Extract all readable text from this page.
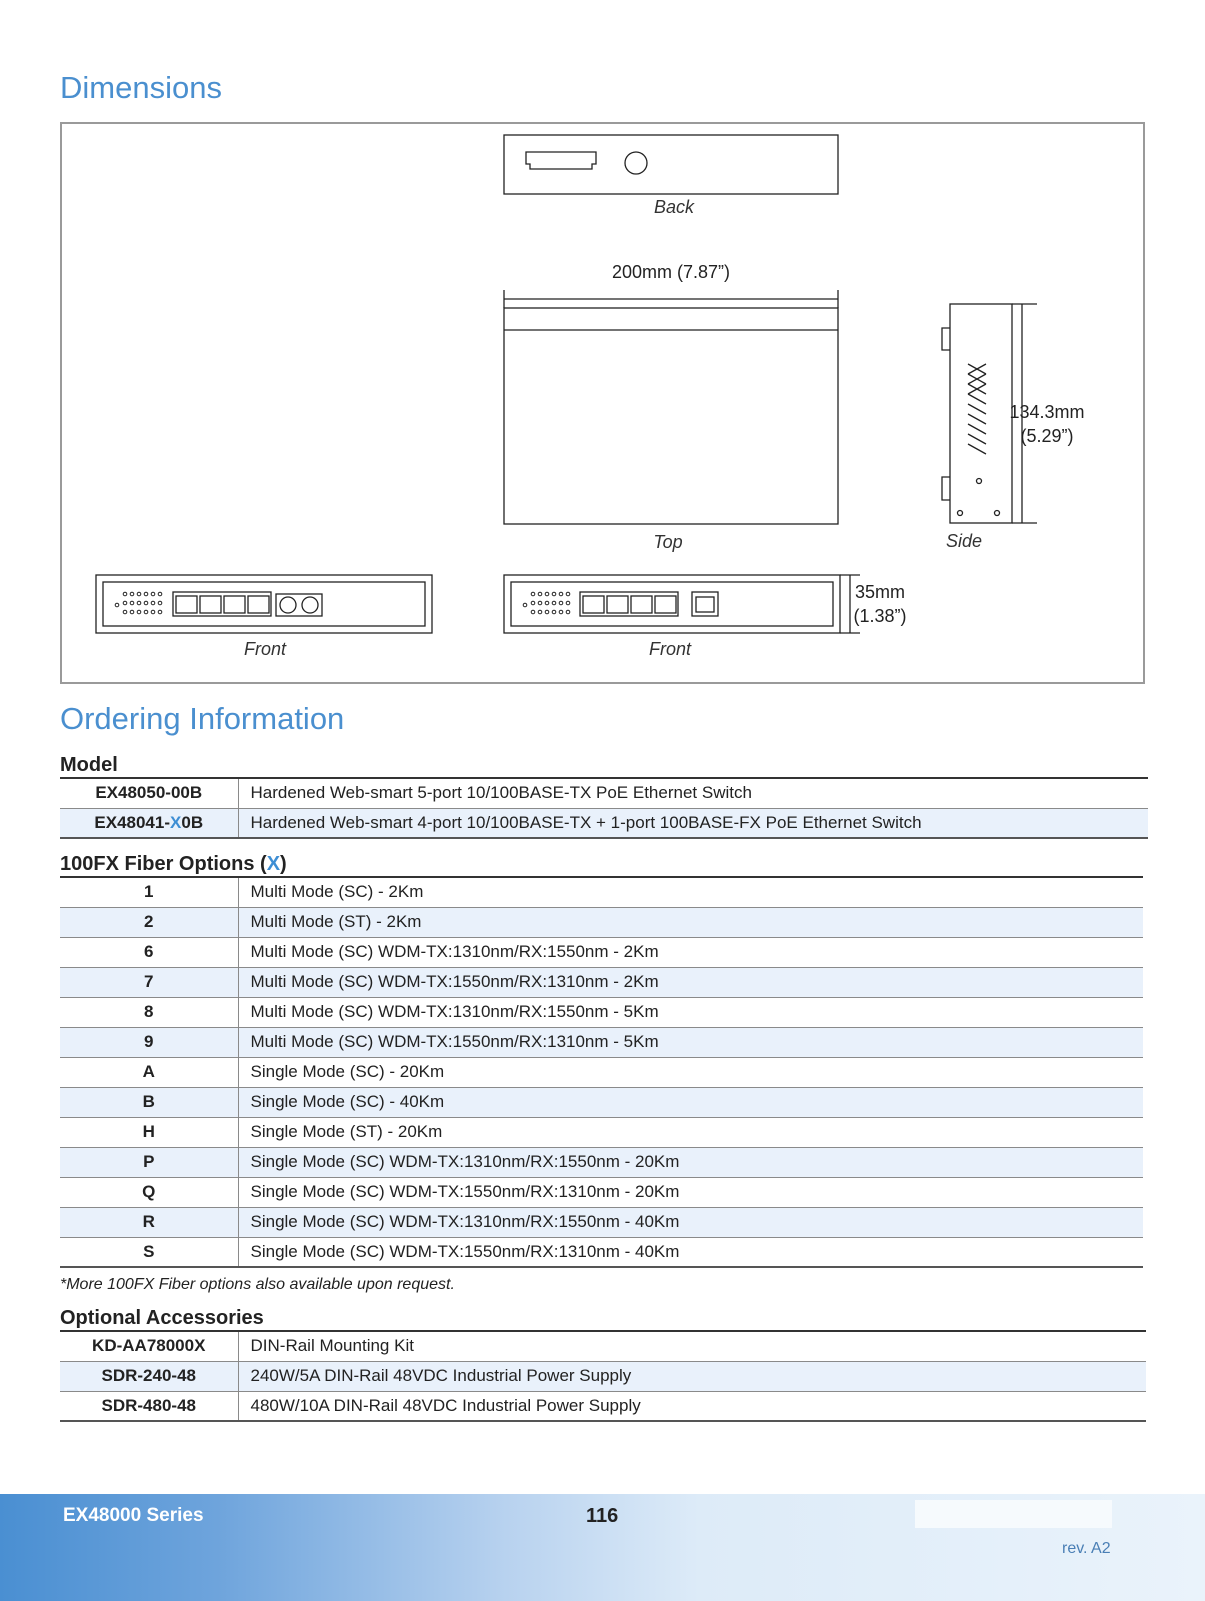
Dimensions
Back
200mm (7.87”)
Top
134.3mm
(5.29”)
Side
35mm
(1.38”)
Front	Front
Ordering Information
Model
EX48050-00B	Hardened Web-smart 5-port 10/100BASE-TX PoE Ethernet Switch
EX48041-X0B	Hardened Web-smart 4-port 10/100BASE-TX + 1-port 100BASE-FX PoE Ethernet Switch
100FX Fiber Options (X)
1	Multi Mode (SC) - 2Km
2	Multi Mode (ST) - 2Km
6	Multi Mode (SC) WDM-TX:1310nm/RX:1550nm - 2Km
7	Multi Mode (SC) WDM-TX:1550nm/RX:1310nm - 2Km
8	Multi Mode (SC) WDM-TX:1310nm/RX:1550nm - 5Km
9	Multi Mode (SC) WDM-TX:1550nm/RX:1310nm - 5Km
A	Single Mode (SC) - 20Km
B	Single Mode (SC) - 40Km
H	Single Mode (ST) - 20Km
P	Single Mode (SC) WDM-TX:1310nm/RX:1550nm - 20Km
Q	Single Mode (SC) WDM-TX:1550nm/RX:1310nm - 20Km
R	Single Mode (SC) WDM-TX:1310nm/RX:1550nm - 40Km
S	Single Mode (SC) WDM-TX:1550nm/RX:1310nm - 40Km
*More 100FX Fiber options also available upon request.
Optional Accessories
KD-AA78000X	DIN-Rail Mounting Kit
SDR-240-48	240W/5A DIN-Rail 48VDC Industrial Power Supply
SDR-480-48	480W/10A DIN-Rail 48VDC Industrial Power Supply
EX48000 Series	116
rev. A2
